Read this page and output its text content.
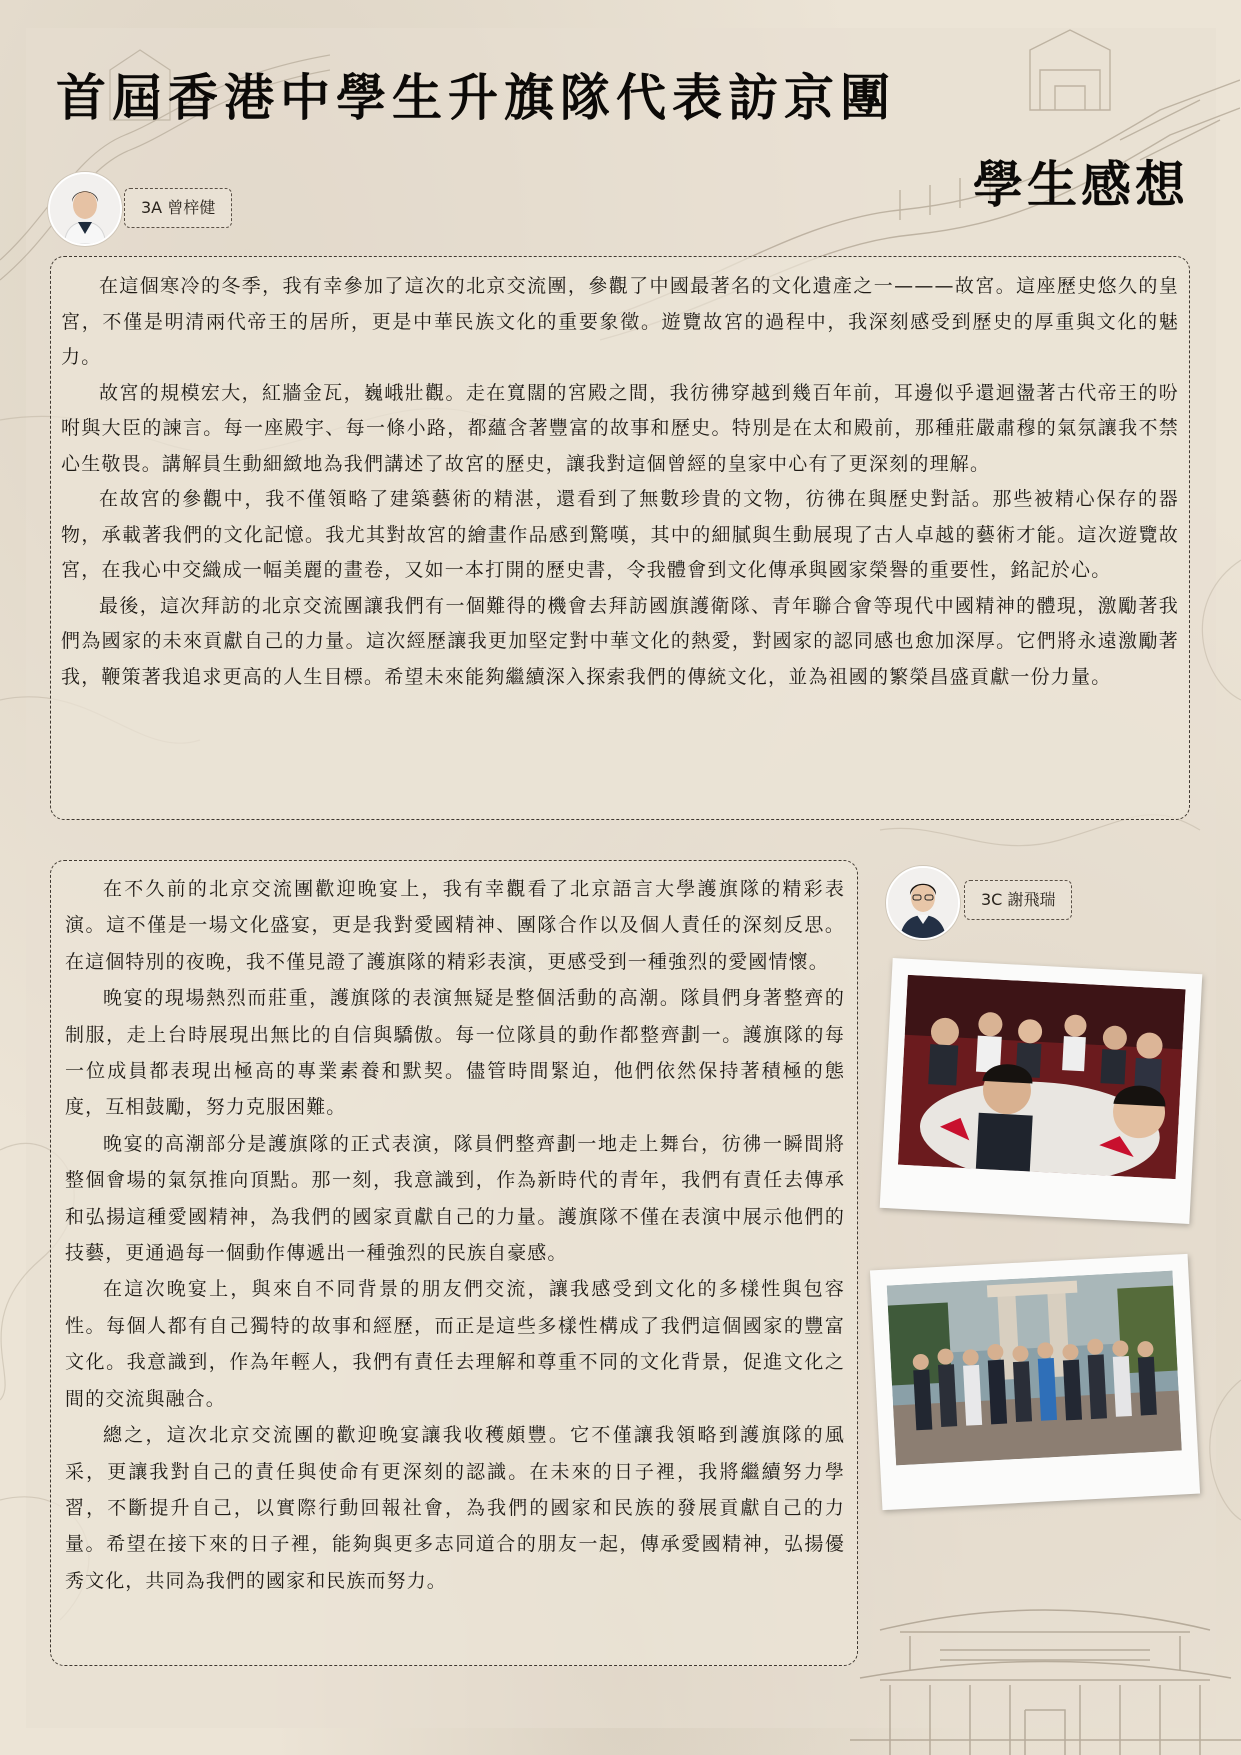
首屆香港中學生升旗隊代表訪京團
學生感想
3A 曾梓健

在這個寒冷的冬季，我有幸參加了這次的北京交流團，參觀了中國最著名的文化遺產之一———故宮。這座歷史悠久的皇宮，不僅是明清兩代帝王的居所，更是中華民族文化的重要象徵。遊覽故宮的過程中，我深刻感受到歷史的厚重與文化的魅力。

故宮的規模宏大，紅牆金瓦，巍峨壯觀。走在寬闊的宮殿之間，我彷彿穿越到幾百年前，耳邊似乎還迴盪著古代帝王的吩咐與大臣的諫言。每一座殿宇、每一條小路，都蘊含著豐富的故事和歷史。特別是在太和殿前，那種莊嚴肅穆的氣氛讓我不禁心生敬畏。講解員生動細緻地為我們講述了故宮的歷史，讓我對這個曾經的皇家中心有了更深刻的理解。

在故宮的參觀中，我不僅領略了建築藝術的精湛，還看到了無數珍貴的文物，彷彿在與歷史對話。那些被精心保存的器物，承載著我們的文化記憶。我尤其對故宮的繪畫作品感到驚嘆，其中的細膩與生動展現了古人卓越的藝術才能。這次遊覽故宮，在我心中交織成一幅美麗的畫卷，又如一本打開的歷史書，令我體會到文化傳承與國家榮譽的重要性，銘記於心。

最後，這次拜訪的北京交流團讓我們有一個難得的機會去拜訪國旗護衛隊、青年聯合會等現代中國精神的體現，激勵著我們為國家的未來貢獻自己的力量。這次經歷讓我更加堅定對中華文化的熱愛，對國家的認同感也愈加深厚。它們將永遠激勵著我，鞭策著我追求更高的人生目標。希望未來能夠繼續深入探索我們的傳統文化，並為祖國的繁榮昌盛貢獻一份力量。

在不久前的北京交流團歡迎晚宴上，我有幸觀看了北京語言大學護旗隊的精彩表演。這不僅是一場文化盛宴，更是我對愛國精神、團隊合作以及個人責任的深刻反思。在這個特別的夜晚，我不僅見證了護旗隊的精彩表演，更感受到一種強烈的愛國情懷。

晚宴的現場熱烈而莊重，護旗隊的表演無疑是整個活動的高潮。隊員們身著整齊的制服，走上台時展現出無比的自信與驕傲。每一位隊員的動作都整齊劃一。護旗隊的每一位成員都表現出極高的專業素養和默契。儘管時間緊迫，他們依然保持著積極的態度，互相鼓勵，努力克服困難。

晚宴的高潮部分是護旗隊的正式表演，隊員們整齊劃一地走上舞台，彷彿一瞬間將整個會場的氣氛推向頂點。那一刻，我意識到，作為新時代的青年，我們有責任去傳承和弘揚這種愛國精神，為我們的國家貢獻自己的力量。護旗隊不僅在表演中展示他們的技藝，更通過每一個動作傳遞出一種強烈的民族自豪感。

在這次晚宴上，與來自不同背景的朋友們交流，讓我感受到文化的多樣性與包容性。每個人都有自己獨特的故事和經歷，而正是這些多樣性構成了我們這個國家的豐富文化。我意識到，作為年輕人，我們有責任去理解和尊重不同的文化背景，促進文化之間的交流與融合。

總之，這次北京交流團的歡迎晚宴讓我收穫頗豐。它不僅讓我領略到護旗隊的風采，更讓我對自己的責任與使命有更深刻的認識。在未來的日子裡，我將繼續努力學習，不斷提升自己，以實際行動回報社會，為我們的國家和民族的發展貢獻自己的力量。希望在接下來的日子裡，能夠與更多志同道合的朋友一起，傳承愛國精神，弘揚優秀文化，共同為我們的國家和民族而努力。

3C 謝飛瑞
